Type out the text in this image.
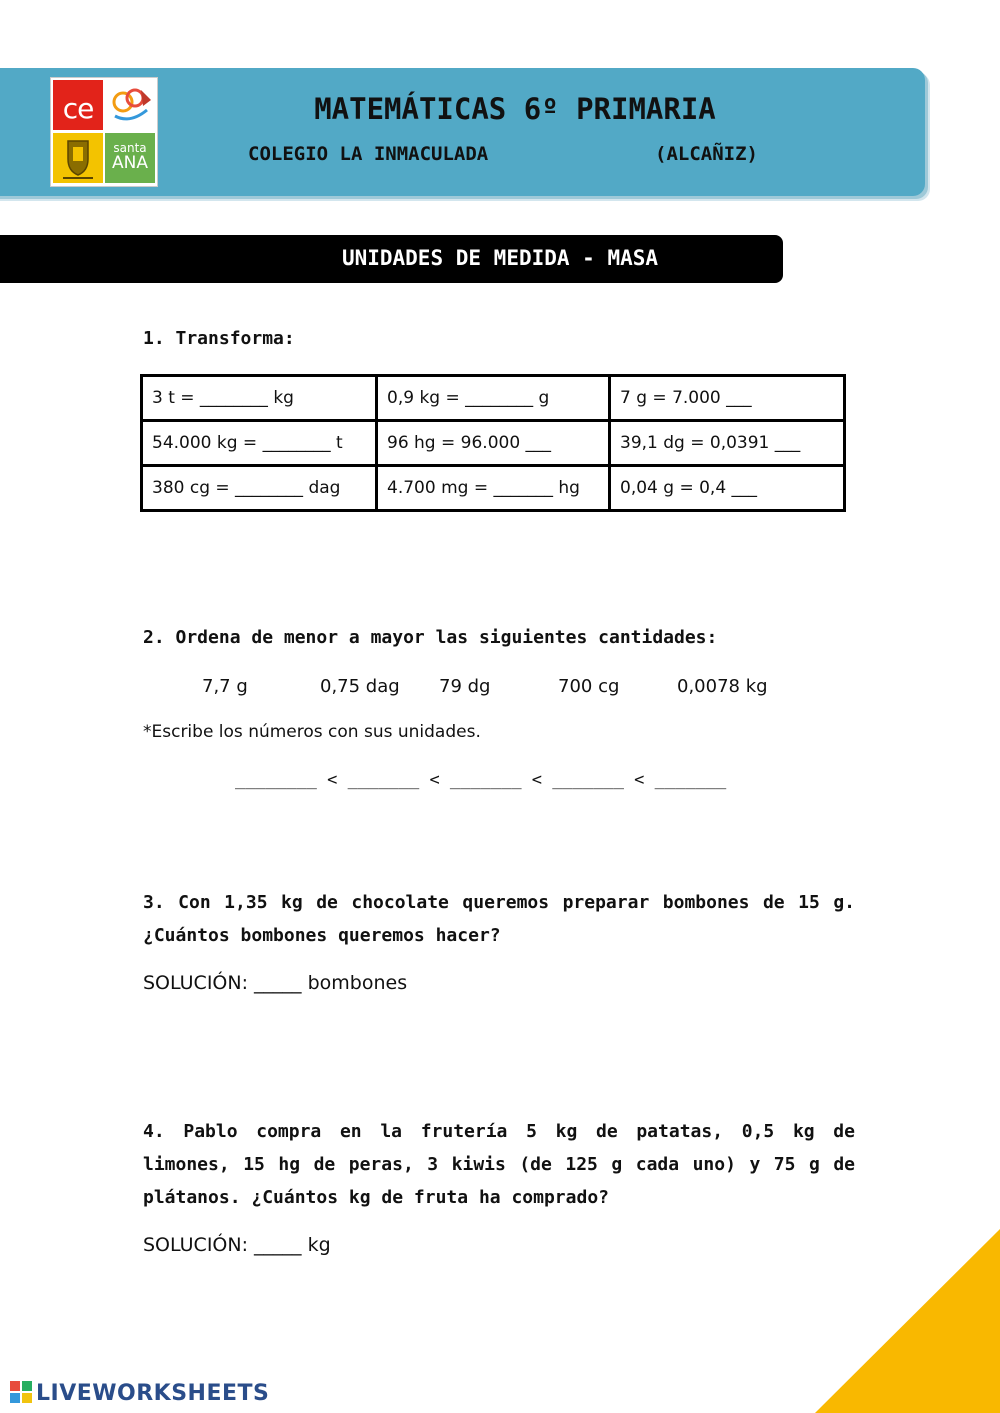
ce
santa
ANA
MATEMÁTICAS 6º PRIMARIA
COLEGIO LA INMACULADA	(ALCAÑIZ)
UNIDADES DE MEDIDA - MASA
1. Transforma:
3 t = ________ kg	0,9 kg = ________ g	7 g = 7.000 ___
54.000 kg = ________ t	96 hg = 96.000 ___	39,1 dg = 0,0391 ___
380 cg = ________ dag	4.700 mg = _______ hg	0,04 g = 0,4 ___
2. Ordena de menor a mayor las siguientes cantidades:
7,7 g	0,75 dag 79 dg	700 cg	0,0078 kg
*Escribe los números con sus unidades.
________ < _______ < _______ < _______ < _______
3. Con 1,35 kg de chocolate queremos preparar bombones de 15 g. ¿Cuántos bombones queremos hacer?
SOLUCIÓN: _____ bombones
4. Pablo compra en la frutería 5 kg de patatas, 0,5 kg de limones, 15 hg de peras, 3 kiwis (de 125 g cada uno) y 75 g de plátanos. ¿Cuántos kg de fruta ha comprado?
SOLUCIÓN: _____ kg
LIVEWORKSHEETS
